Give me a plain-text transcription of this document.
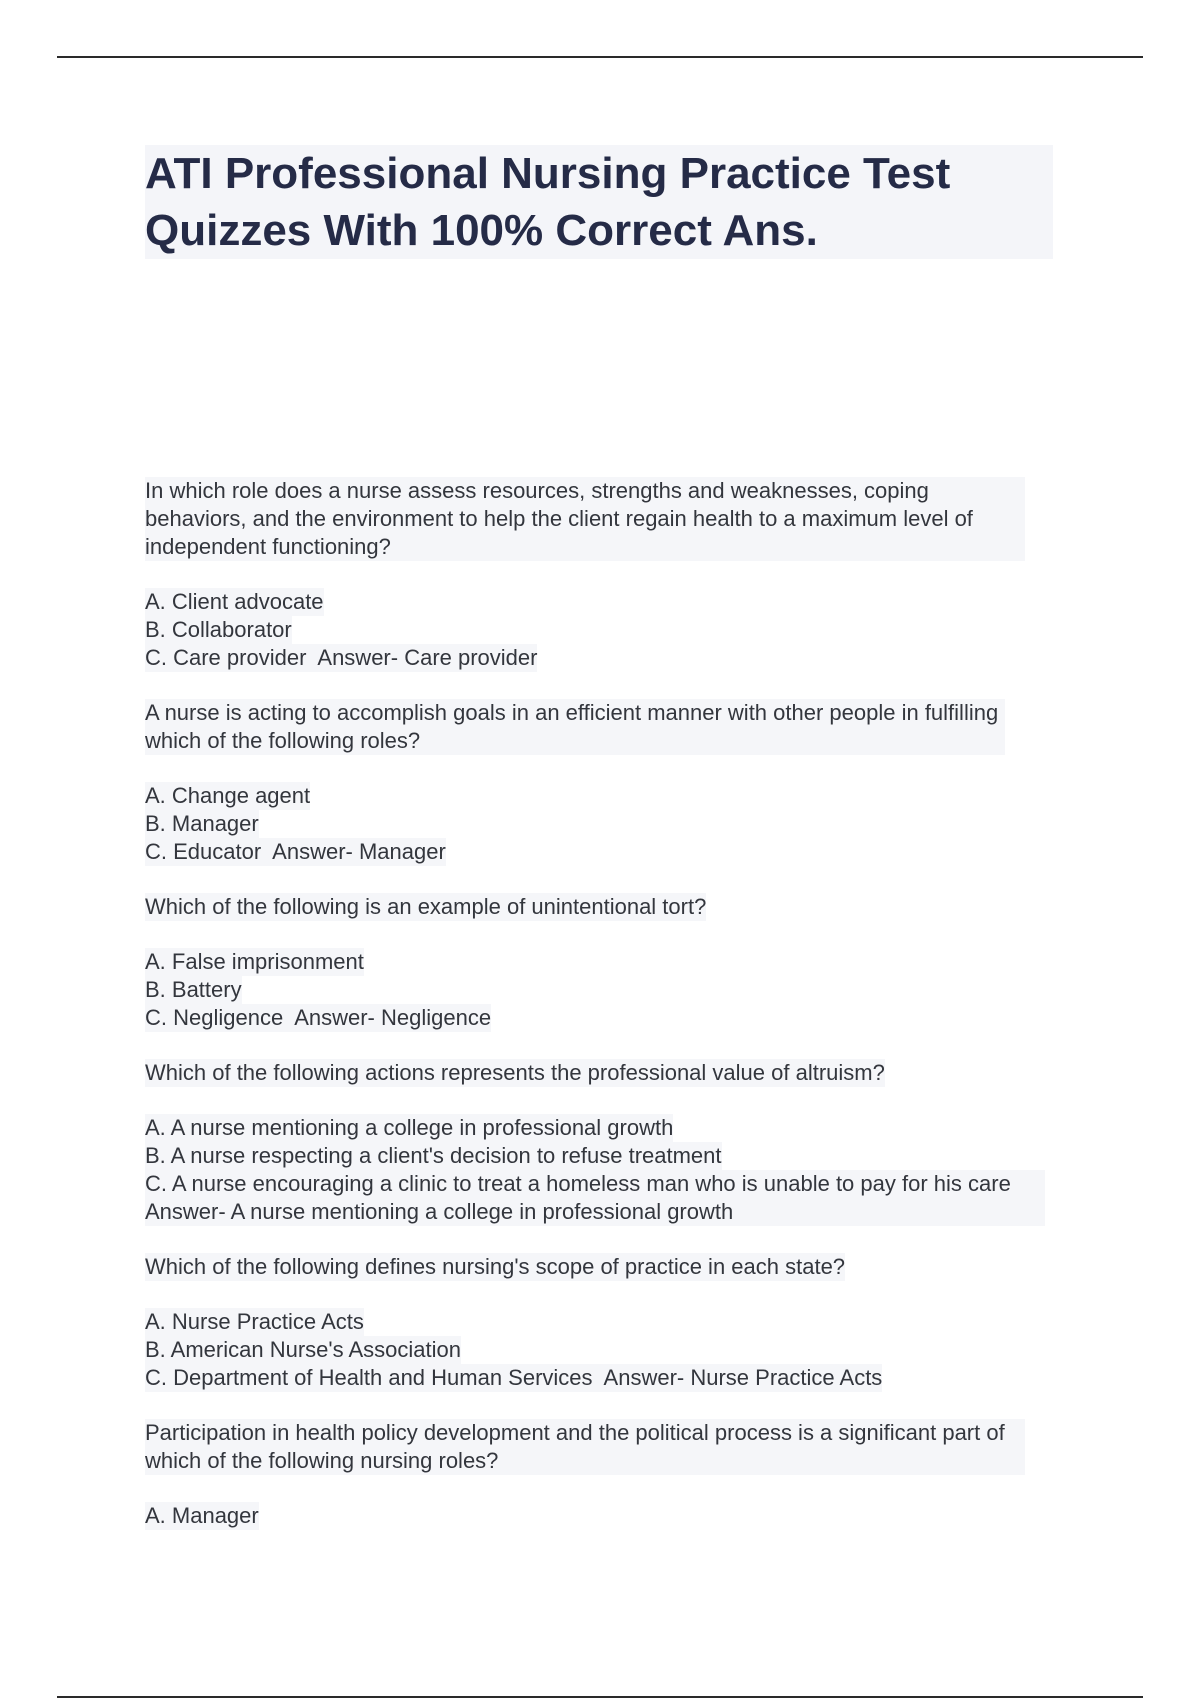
ATI Professional Nursing Practice Test
Quizzes With 100% Correct Ans.
In which role does a nurse assess resources, strengths and weaknesses, coping behaviors, and the environment to help the client regain health to a maximum level of independent functioning?
A. Client advocate
B. Collaborator
C. Care provider  Answer- Care provider
A nurse is acting to accomplish goals in an efficient manner with other people in fulfilling which of the following roles?
A. Change agent
B. Manager
C. Educator  Answer- Manager
Which of the following is an example of unintentional tort?
A. False imprisonment
B. Battery
C. Negligence  Answer- Negligence
Which of the following actions represents the professional value of altruism?
A. A nurse mentioning a college in professional growth
B. A nurse respecting a client's decision to refuse treatment
C. A nurse encouraging a clinic to treat a homeless man who is unable to pay for his care Answer- A nurse mentioning a college in professional growth
Which of the following defines nursing's scope of practice in each state?
A. Nurse Practice Acts
B. American Nurse's Association
C. Department of Health and Human Services  Answer- Nurse Practice Acts
Participation in health policy development and the political process is a significant part of which of the following nursing roles?
A. Manager
